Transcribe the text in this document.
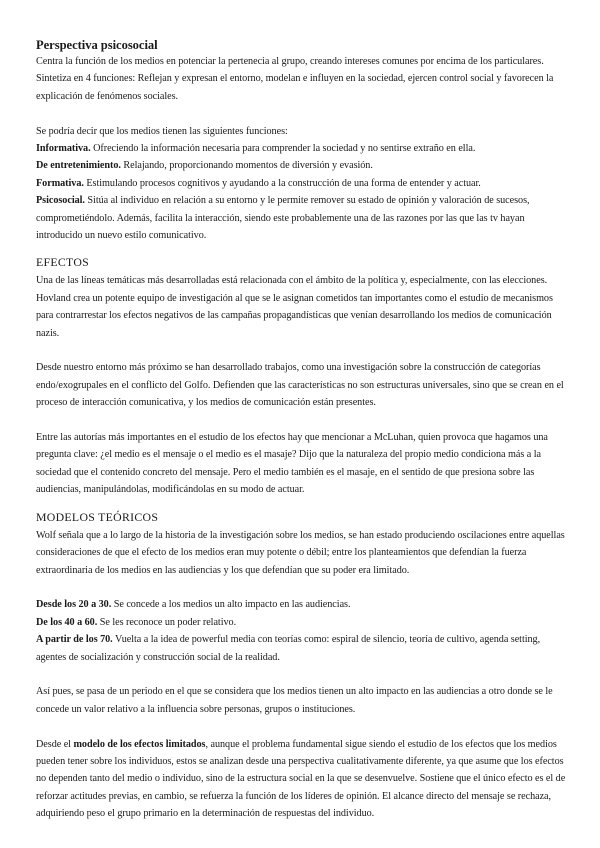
Perspectiva psicosocial

Centra la función de los medios en potenciar la pertenecia al grupo, creando intereses comunes por encima de los particulares. Sintetiza en 4 funciones: Reflejan y expresan el entorno, modelan e influyen en la sociedad, ejercen control social y favorecen la explicación de fenómenos sociales.

Se podría decir que los medios tienen las siguientes funciones:

Informativa. Ofreciendo la información necesaria para comprender la sociedad y no sentirse extraño en ella.

De entretenimiento. Relajando, proporcionando momentos de diversión y evasión.

Formativa. Estimulando procesos cognitivos y ayudando a la construcción de una forma de entender y actuar.

Psicosocial. Sitúa al individuo en relación a su entorno y le permite remover su estado de opinión y valoración de sucesos, comprometiéndolo. Además, facilita la interacción, siendo este probablemente una de las razones por las que las tv hayan introducido un nuevo estilo comunicativo.

EFECTOS

Una de las líneas temáticas más desarrolladas está relacionada con el ámbito de la política y, especialmente, con las elecciones. Hovland crea un potente equipo de investigación al que se le asignan cometidos tan importantes como el estudio de mecanismos para contrarrestar los efectos negativos de las campañas propagandísticas que venían desarrollando los medios de comunicación nazis.

Desde nuestro entorno más próximo se han desarrollado trabajos, como una investigación sobre la construcción de categorías endo/exogrupales en el conflicto del Golfo. Defienden que las características no son estructuras universales, sino que se crean en el proceso de interacción comunicativa, y los medios de comunicación están presentes.

Entre las autorías más importantes en el estudio de los efectos hay que mencionar a McLuhan, quien provoca que hagamos una pregunta clave: ¿el medio es el mensaje o el medio es el masaje? Dijo que la naturaleza del propio medio condiciona más a la sociedad que el contenido concreto del mensaje. Pero el medio también es el masaje, en el sentido de que presiona sobre las audiencias, manipulándolas, modificándolas en su modo de actuar.

MODELOS TEÓRICOS

Wolf señala que a lo largo de la historia de la investigación sobre los medios, se han estado produciendo oscilaciones entre aquellas consideraciones de que el efecto de los medios eran muy potente o débil; entre los planteamientos que defendían la fuerza extraordinaria de los medios en las audiencias y los que defendían que su poder era limitado.

Desde los 20 a 30. Se concede a los medios un alto impacto en las audiencias.

De los 40 a 60. Se les reconoce un poder relativo.

A partir de los 70. Vuelta a la idea de powerful media con teorías como: espiral de silencio, teoría de cultivo, agenda setting, agentes de socialización y construcción social de la realidad.

Así pues, se pasa de un periodo en el que se considera que los medios tienen un alto impacto en las audiencias a otro donde se le concede un valor relativo a la influencia sobre personas, grupos o instituciones.

Desde el modelo de los efectos limitados, aunque el problema fundamental sigue siendo el estudio de los efectos que los medios pueden tener sobre los individuos, estos se analizan desde una perspectiva cualitativamente diferente, ya que asume que los efectos no dependen tanto del medio o individuo, sino de la estructura social en la que se desenvuelve. Sostiene que el único efecto es el de reforzar actitudes previas, en cambio, se refuerza la función de los líderes de opinión. El alcance directo del mensaje se rechaza, adquiriendo peso el grupo primario en la determinación de respuestas del individuo.
